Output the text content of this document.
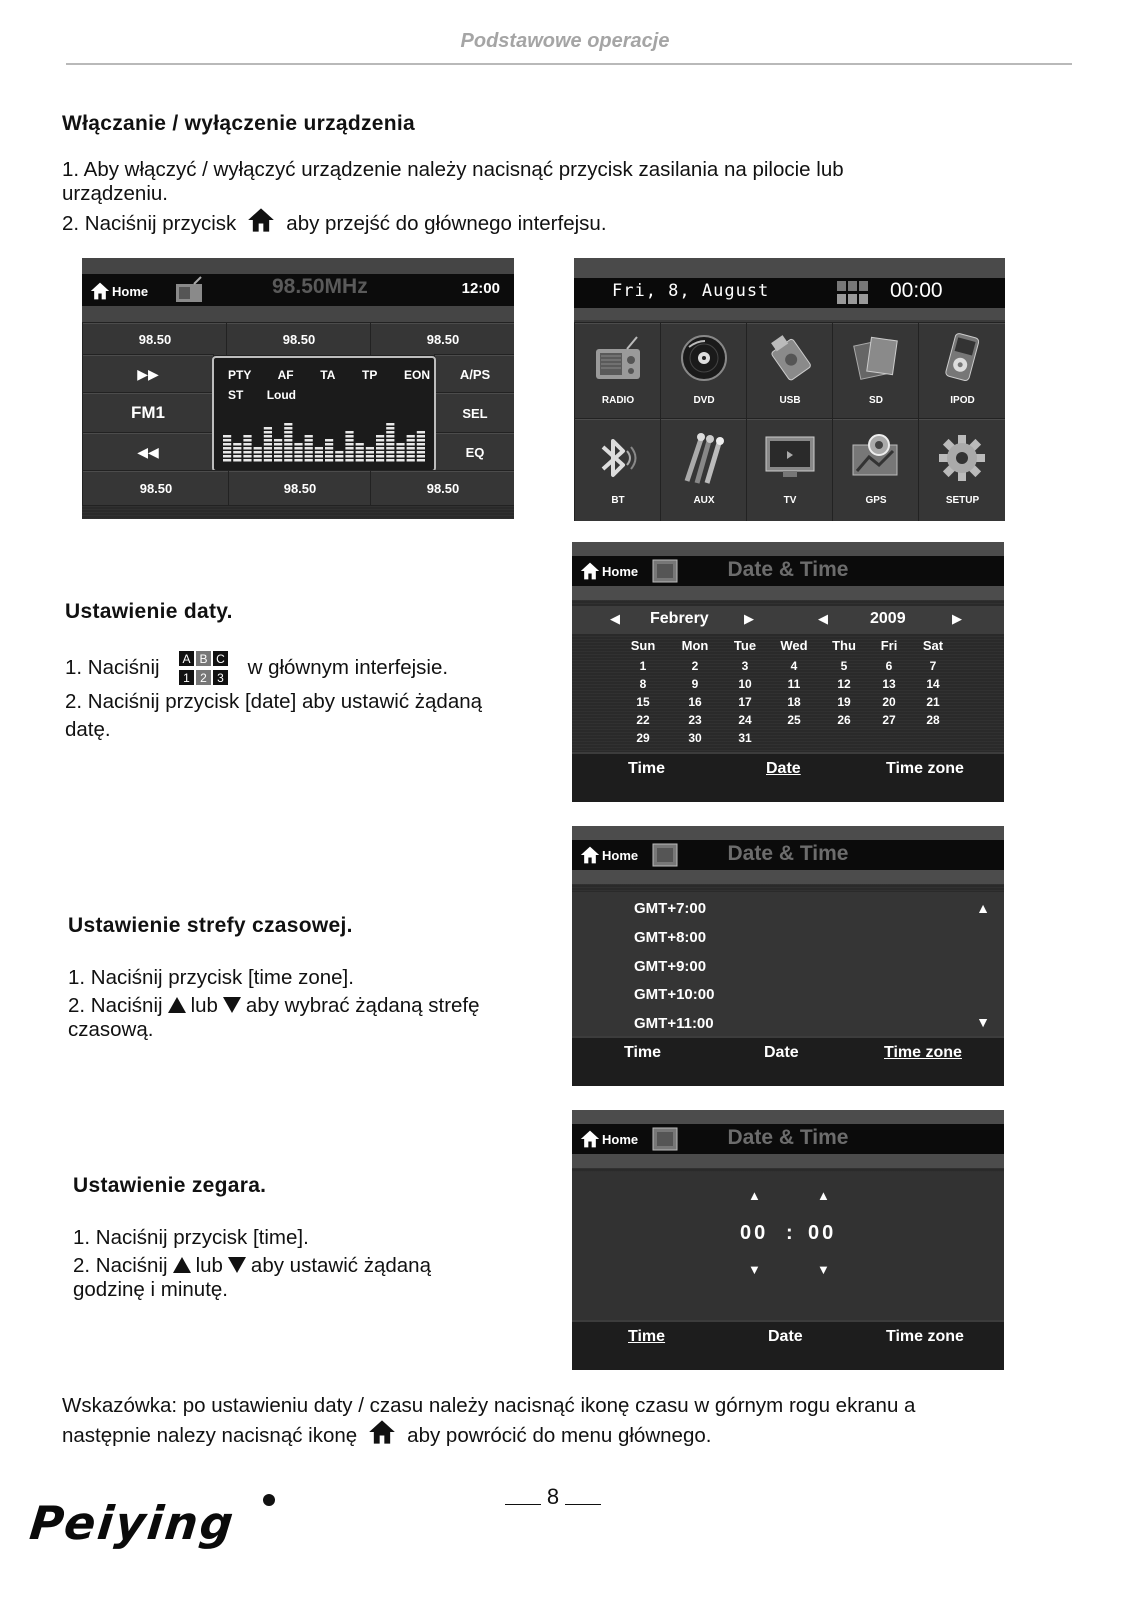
Podstawowe operacje
Włączanie / wyłączenie urządzenia
1. Aby włączyć / wyłączyć urządzenie należy nacisnąć przycisk zasilania na pilocie lub
urządzeniu.
2. Naciśnij przycisk aby przejść do głównego interfejsu.
Home	98.50MHz	12:00
98.50	98.50	98.50
▶▶
FM1
◀◀
A/PS
SEL
EQ
PTY AF TA TP EON
ST Loud
98.50	98.50	98.50
Fri, 8, August	00:00
RADIO	DVD	USB	SD	IPOD
BT	AUX	TV	GPS	SETUP
Ustawienie daty.
1. Naciśnij A B C
1 2 3 w głównym interfejsie.
2. Naciśnij przycisk [date] aby ustawić żądaną
datę.
Home	Date & Time
◀ Febrery	▶	◀	2009	▶
Sun	Mon	Tue	Wed	Thu	Fri	Sat
1	2	3	4	5	6	7
8	9	10	11	12	13	14
15	16	17	18	19	20	21
22	23	24	25	26	27	28
29	30	31
Time	Date	Time zone
Ustawienie strefy czasowej.
1. Naciśnij przycisk [time zone].
2. Naciśnij lub aby wybrać żądaną strefę
czasową.
Home	Date & Time
GMT+7:00
GMT+8:00
GMT+9:00
GMT+10:00
GMT+11:00
▲
▼
Time	Date	Time zone
Ustawienie zegara.
1. Naciśnij przycisk [time].
2. Naciśnij lub aby ustawić żądaną
godzinę i minutę.
Home	Date & Time
▲	▲
00 : 00
▼	▼
Time	Date	Time zone
Wskazówka: po ustawieniu daty / czasu należy nacisnąć ikonę czasu w górnym rogu ekranu a
następnie nalezy nacisnąć ikonę aby powrócić do menu głównego.
8
Peiying
